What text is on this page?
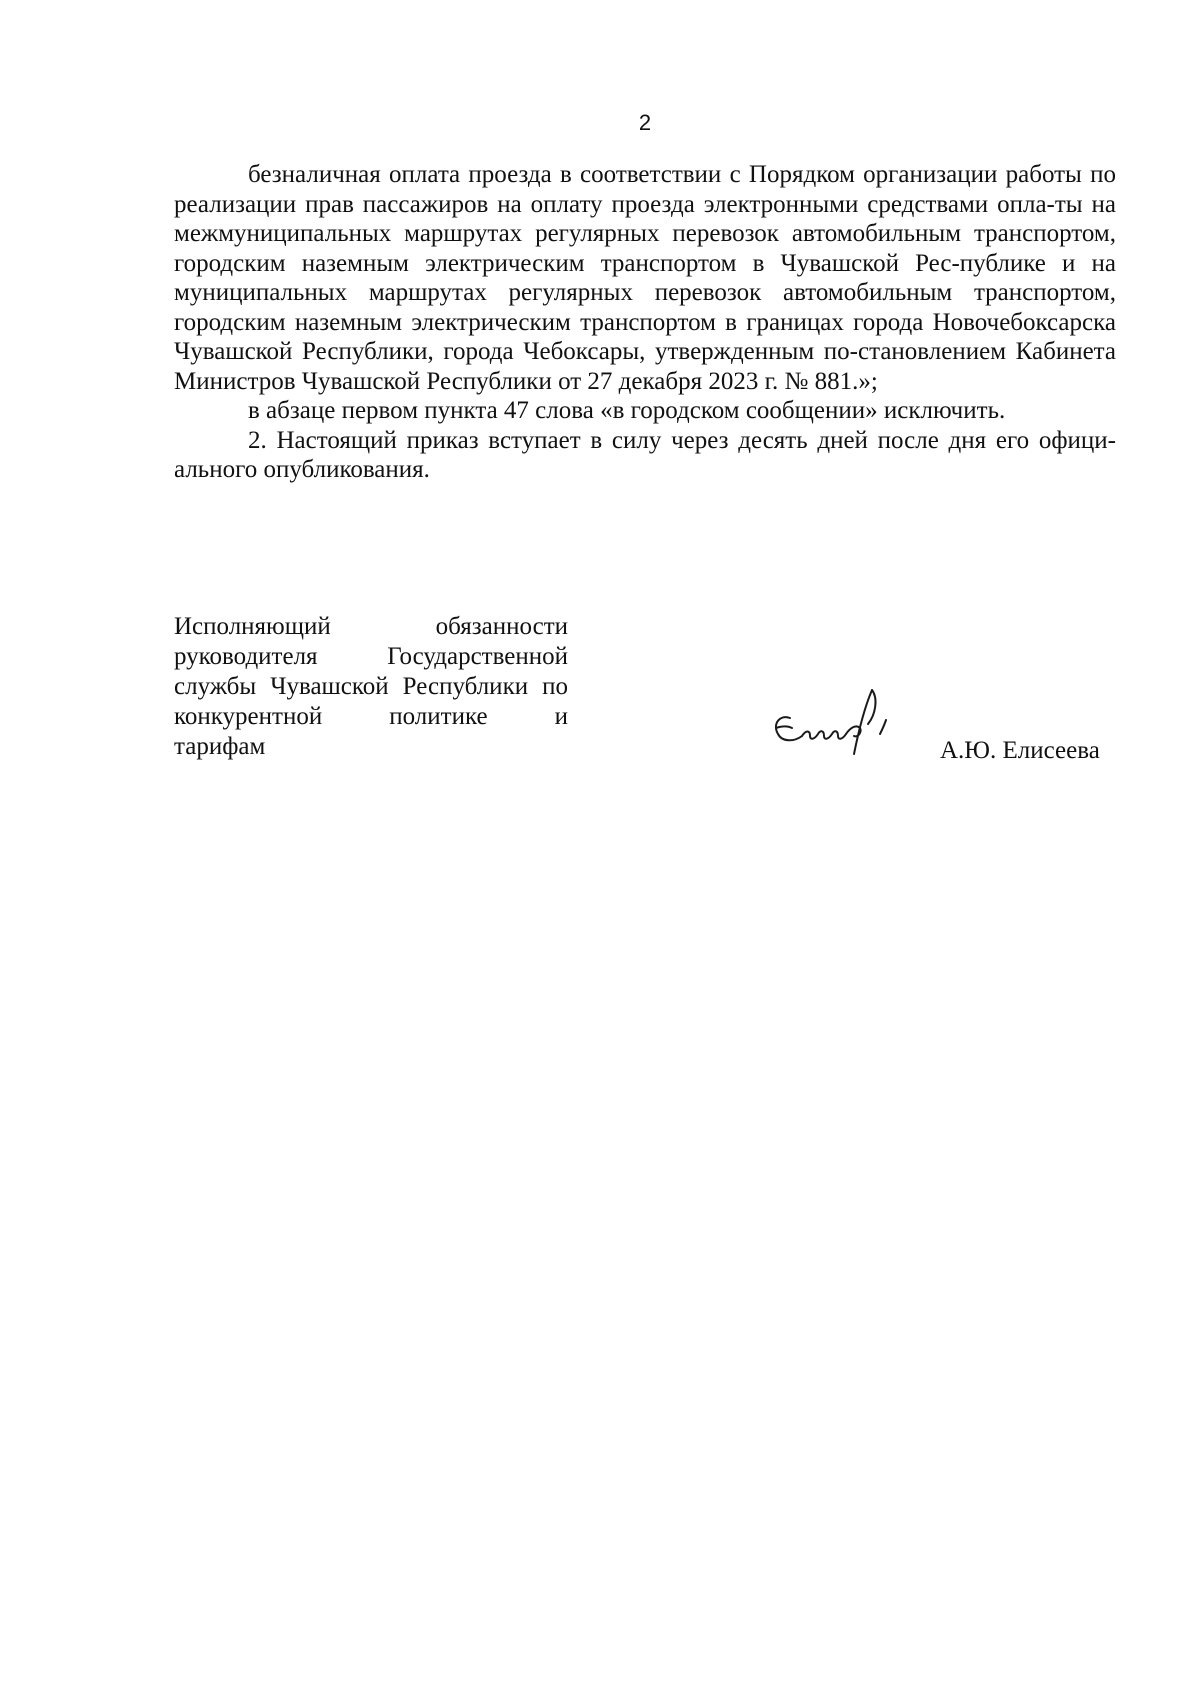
2

безналичная оплата проезда в соответствии с Порядком организации работы по реализации прав пассажиров на оплату проезда электронными средствами опла-ты на межмуниципальных маршрутах регулярных перевозок автомобильным транспортом, городским наземным электрическим транспортом в Чувашской Рес-публике и на муниципальных маршрутах регулярных перевозок автомобильным транспортом, городским наземным электрическим транспортом в границах города Новочебоксарска Чувашской Республики, города Чебоксары, утвержденным по-становлением Кабинета Министров Чувашской Республики от 27 декабря 2023 г. № 881.»;

в абзаце первом пункта 47 слова «в городском сообщении» исключить.

2. Настоящий приказ вступает в силу через десять дней после дня его офици-ального опубликования.

Исполняющий обязанности
руководителя Государственной
службы Чувашской Республики по
конкурентной политике и
тарифам	А.Ю. Елисеева
